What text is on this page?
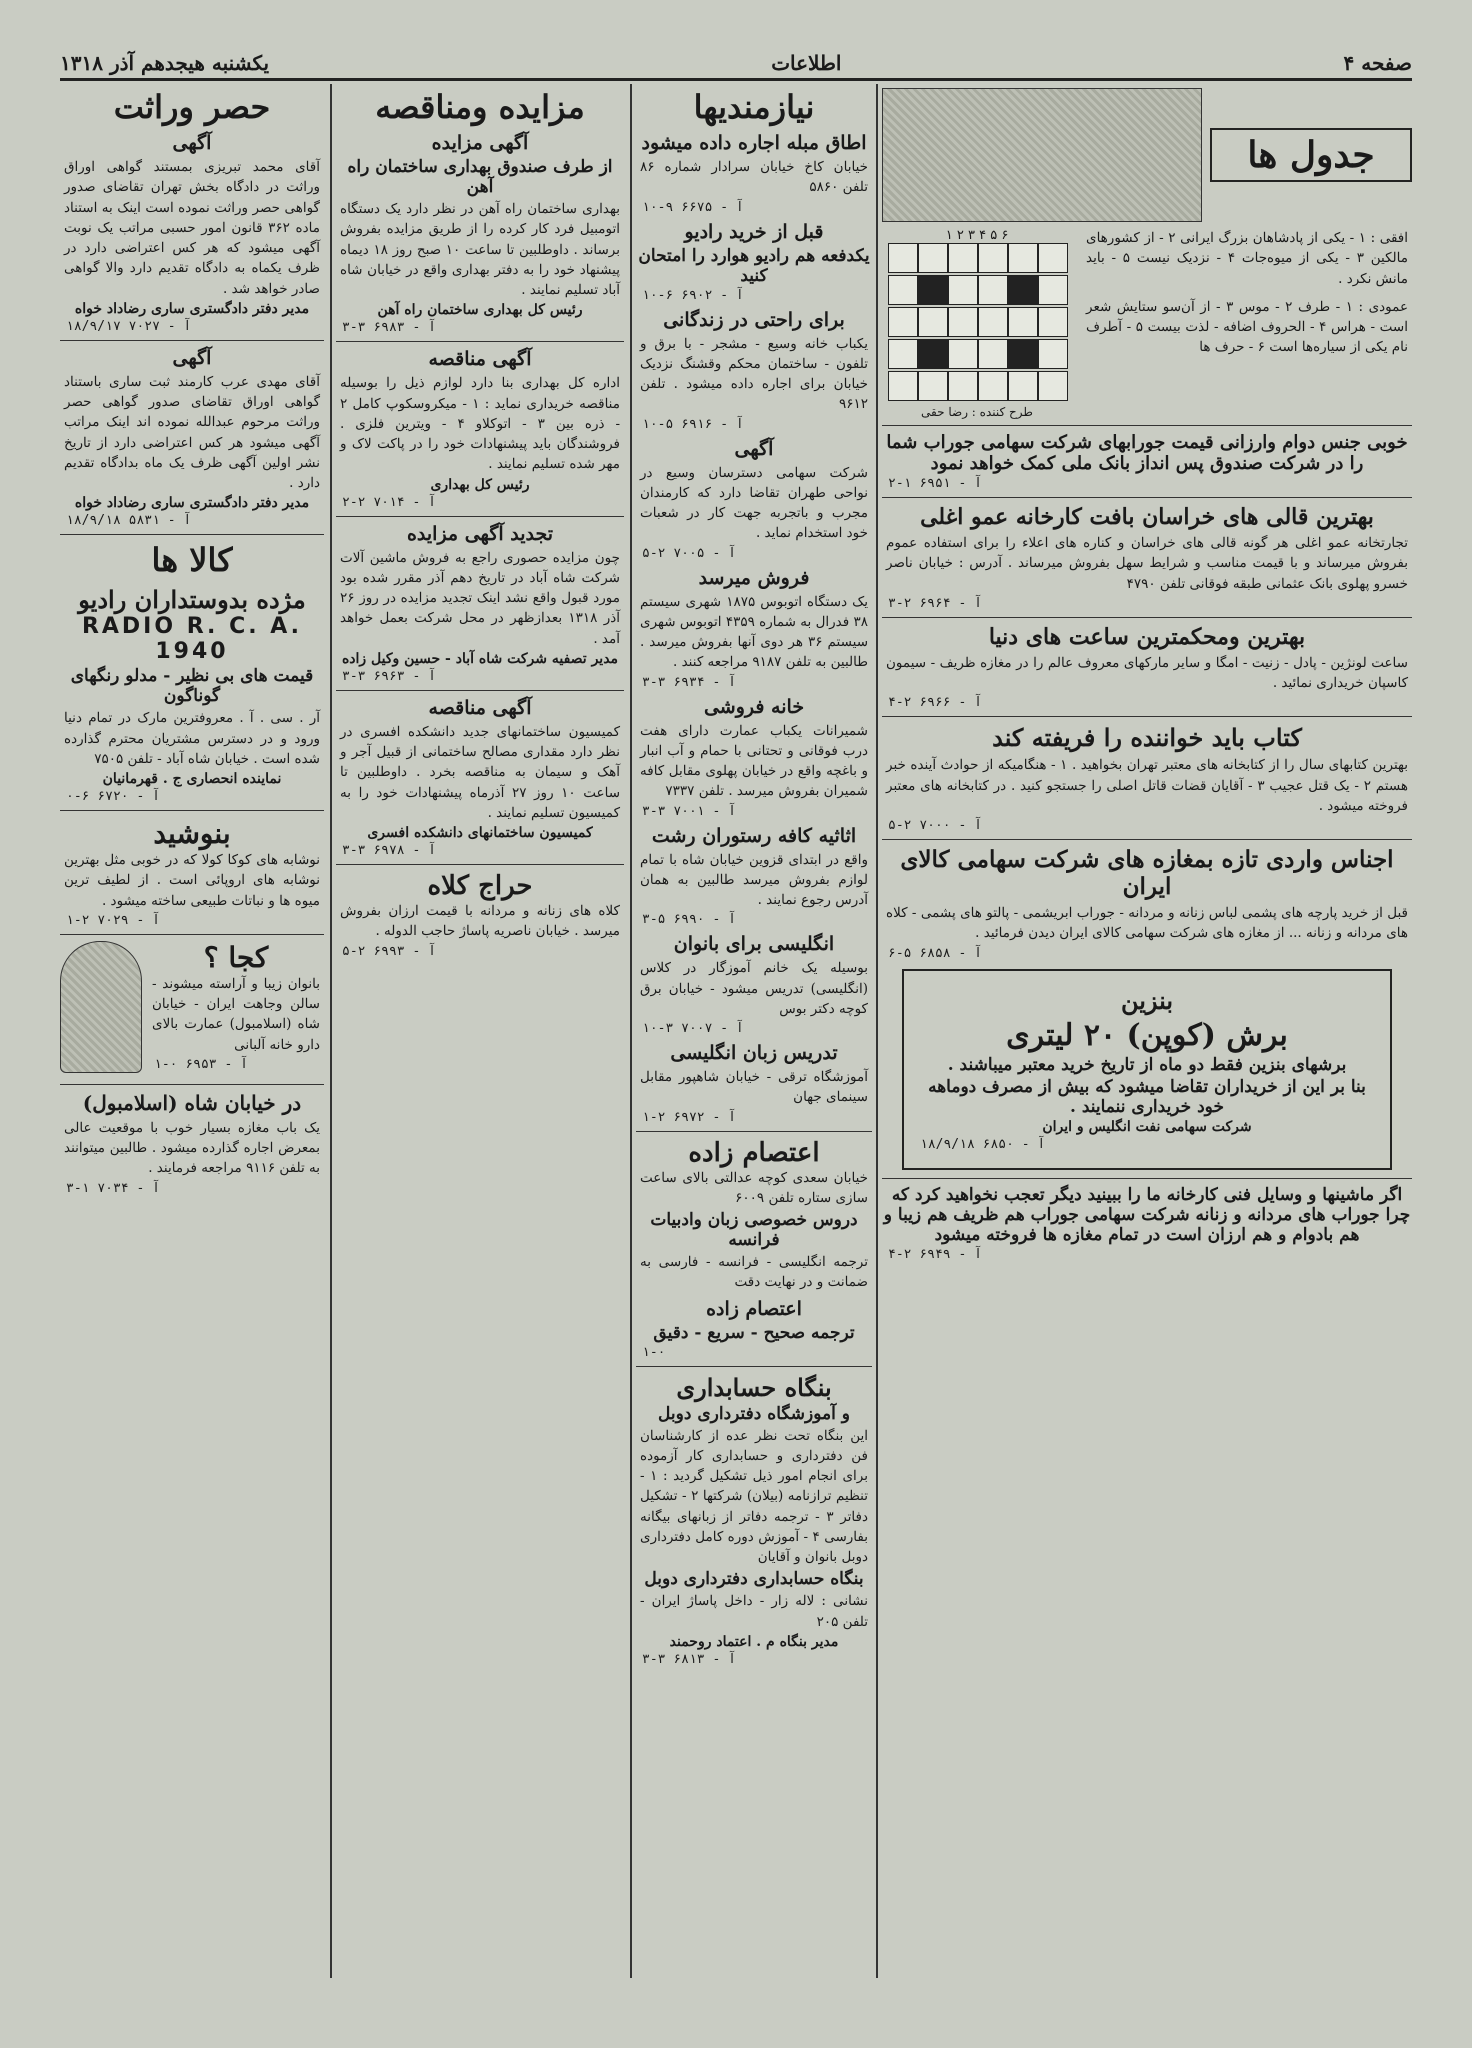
صفحه ۴
اطلاعات
یکشنبه هیجدهم آذر ۱۳۱۸
جدول ها
افقی : ۱ - یکی از پادشاهان بزرگ ایرانی ۲ - از کشورهای مالکین ۳ - یکی از میوه‌جات ۴ - نزدیک نیست ۵ - باید مانش نکرد .
عمودی : ۱ - طرف ۲ - موس ۳ - از آن‌سو ستایش شعر است - هراس ۴ - الحروف اضافه - لذت بیست ۵ - آطرف نام یکی از سیاره‌ها است ۶ - حرف ها
۶ ۵ ۴ ۳ ۲ ۱
طرح کننده : رضا حقی
خوبی جنس دوام وارزانی قیمت جورابهای شرکت سهامی جوراب شما را در شرکت صندوق پس انداز بانک ملی کمک خواهد نمود
آ - ۶۹۵۱ ۱-۲
بهترین قالی های خراسان بافت کارخانه عمو اغلی
تجارتخانه عمو اغلی هر گونه قالی های خراسان و کناره های اعلاء را برای استفاده عموم بفروش میرساند و با قیمت مناسب و شرایط سهل بفروش میرساند . آدرس : خیابان ناصر خسرو پهلوی بانک عثمانی طبقه فوقانی تلفن ۴۷۹۰
آ - ۶۹۶۴ ۲-۳
بهترین ومحکمترین ساعت های دنیا
ساعت لونژین - پادل - زنیت - امگا و سایر مارکهای معروف عالم را در مغازه ظریف - سیمون کاسپان خریداری نمائید .
آ - ۶۹۶۶ ۲-۴
کتاب باید خواننده را فریفته کند
بهترین کتابهای سال را از کتابخانه های معتبر تهران بخواهید . ۱ - هنگامیکه از حوادث آینده خبر هستم ۲ - یک قتل عجیب ۳ - آقایان قضات قاتل اصلی را جستجو کنید . در کتابخانه های معتبر فروخته میشود .
آ - ۷۰۰۰ ۲-۵
اجناس واردی تازه بمغازه های شرکت سهامی کالای ایران
قبل از خرید پارچه های پشمی لباس زنانه و مردانه - جوراب ابریشمی - پالتو های پشمی - کلاه های مردانه و زنانه ... از مغازه های شرکت سهامی کالای ایران دیدن فرمائید .
آ - ۶۸۵۸ ۵-۶
بنزین
برش (کوپن) ۲۰ لیتری
برشهای بنزین فقط دو ماه از تاریخ خرید معتبر میباشند .
بنا بر این از خریداران تقاضا میشود که بیش از مصرف دوماهه خود خریداری ننمایند .
شرکت سهامی نفت انگلیس و ایران
آ - ۶۸۵۰ ۱۸/۹/۱۸
اگر ماشینها و وسایل فنی کارخانه ما را ببینید دیگر تعجب نخواهید کرد که چرا جوراب های مردانه و زنانه شرکت سهامی جوراب هم ظریف هم زیبا و هم بادوام و هم ارزان است در تمام مغازه ها فروخته میشود
آ - ۶۹۴۹ ۲-۴
نیازمندیها
اطاق مبله اجاره داده میشود
خیابان کاخ خیابان سرادار شماره ۸۶ تلفن ۵۸۶۰
آ - ۶۶۷۵ ۹-۱۰
قبل از خرید رادیو
یکدفعه هم رادیو هوارد را امتحان کنید
آ - ۶۹۰۲ ۶-۱۰
برای راحتی در زندگانی
یکباب خانه وسیع - مشجر - با برق و تلفون - ساختمان محکم وقشنگ نزدیک خیابان برای اجاره داده میشود . تلفن ۹۶۱۲
آ - ۶۹۱۶ ۵-۱۰
آگهی
شرکت سهامی دسترسان وسیع در نواحی طهران تقاضا دارد که کارمندان مجرب و باتجربه جهت کار در شعبات خود استخدام نماید .
آ - ۷۰۰۵ ۲-۵
فروش میرسد
یک دستگاه اتوبوس ۱۸۷۵ شهری سیستم ۳۸ فدرال به شماره ۴۳۵۹ اتوبوس شهری سیستم ۳۶ هر دوی آنها بفروش میرسد . طالبین به تلفن ۹۱۸۷ مراجعه کنند .
آ - ۶۹۳۴ ۳-۳
خانه فروشی
شمیرانات یکباب عمارت دارای هفت درب فوقانی و تحتانی با حمام و آب انبار و باغچه واقع در خیابان پهلوی مقابل کافه شمیران بفروش میرسد . تلفن ۷۳۳۷
آ - ۷۰۰۱ ۳-۳
اثاثیه کافه رستوران رشت
واقع در ابتدای قزوین خیابان شاه با تمام لوازم بفروش میرسد طالبین به همان آدرس رجوع نمایند .
آ - ۶۹۹۰ ۵-۳
انگلیسی برای بانوان
بوسیله یک خانم آموزگار در کلاس (انگلیسی) تدریس میشود - خیابان برق کوچه دکتر بوس
آ - ۷۰۰۷ ۳-۱۰
تدریس زبان انگلیسی
آموزشگاه ترقی - خیابان شاهپور مقابل سینمای جهان
آ - ۶۹۷۲ ۲-۱
اعتصام زاده
خیابان سعدی کوچه عدالتی بالای ساعت سازی ستاره تلفن ۶۰۰۹
دروس خصوصی زبان وادبیات فرانسه
ترجمه انگلیسی - فرانسه - فارسی به ضمانت و در نهایت دقت
اعتصام زاده
ترجمه صحیح - سریع - دقیق
۱-۰
بنگاه حسابداری
و آموزشگاه دفترداری دوبل
این بنگاه تحت نظر عده از کارشناسان فن دفترداری و حسابداری کار آزموده برای انجام امور ذیل تشکیل گردید : ۱ - تنظیم ترازنامه (بیلان) شرکتها ۲ - تشکیل دفاتر ۳ - ترجمه دفاتر از زبانهای بیگانه بفارسی ۴ - آموزش دوره کامل دفترداری دوبل بانوان و آقایان
بنگاه حسابداری دفترداری دوبل
نشانی : لاله زار - داخل پاساژ ایران - تلفن ۲۰۵
مدیر بنگاه م . اعتماد روحمند
آ - ۶۸۱۳ ۳-۳
مزایده ومناقصه
آگهی مزایده
از طرف صندوق بهداری ساختمان راه آهن
بهداری ساختمان راه آهن در نظر دارد یک دستگاه اتومبیل فرد کار کرده را از طریق مزایده بفروش برساند . داوطلبین تا ساعت ۱۰ صبح روز ۱۸ دیماه پیشنهاد خود را به دفتر بهداری واقع در خیابان شاه آباد تسلیم نمایند .
رئیس کل بهداری ساختمان راه آهن
آ - ۶۹۸۳ ۳-۳
آگهی مناقصه
اداره کل بهداری بنا دارد لوازم ذیل را بوسیله مناقصه خریداری نماید : ۱ - میکروسکوپ کامل ۲ - ذره بین ۳ - اتوکلاو ۴ - ویترین فلزی . فروشندگان باید پیشنهادات خود را در پاکت لاک و مهر شده تسلیم نمایند .
رئیس کل بهداری
آ - ۷۰۱۴ ۲-۲
تجدید آگهی مزایده
چون مزایده حصوری راجع به فروش ماشین آلات شرکت شاه آباد در تاریخ دهم آذر مقرر شده بود مورد قبول واقع نشد اینک تجدید مزایده در روز ۲۶ آذر ۱۳۱۸ بعدازظهر در محل شرکت بعمل خواهد آمد .
مدیر تصفیه شرکت شاه آباد - حسین وکیل زاده
آ - ۶۹۶۳ ۳-۳
آگهی مناقصه
کمیسیون ساختمانهای جدید دانشکده افسری در نظر دارد مقداری مصالح ساختمانی از قبیل آجر و آهک و سیمان به مناقصه بخرد . داوطلبین تا ساعت ۱۰ روز ۲۷ آذرماه پیشنهادات خود را به کمیسیون تسلیم نمایند .
کمیسیون ساختمانهای دانشکده افسری
آ - ۶۹۷۸ ۳-۳
حراج کلاه
کلاه های زنانه و مردانه با قیمت ارزان بفروش میرسد . خیابان ناصریه پاساژ حاجب الدوله .
آ - ۶۹۹۳ ۲-۵
حصر وراثت
آگهی
آقای محمد تبریزی بمستند گواهی اوراق وراثت در دادگاه بخش تهران تقاضای صدور گواهی حصر وراثت نموده است اینک به استناد ماده ۳۶۲ قانون امور حسبی مراتب یک نوبت آگهی میشود که هر کس اعتراضی دارد در ظرف یکماه به دادگاه تقدیم دارد والا گواهی صادر خواهد شد .
مدیر دفتر دادگستری ساری رضاداد خواه
آ - ۷۰۲۷ ۱۸/۹/۱۷
آگهی
آقای مهدی عرب کارمند ثبت ساری باستناد گواهی اوراق تقاضای صدور گواهی حصر وراثت مرحوم عبدالله نموده اند اینک مراتب آگهی میشود هر کس اعتراضی دارد از تاریخ نشر اولین آگهی ظرف یک ماه بدادگاه تقدیم دارد .
مدیر دفتر دادگستری ساری رضاداد خواه
آ - ۵۸۳۱ ۱۸/۹/۱۸
کالا ها
مژده بدوستداران رادیو
RADIO R. C. A.
1940
قیمت های بی نظیر - مدلو رنگهای گوناگون
آر . سی . آ . معروفترین مارک در تمام دنیا ورود و در دسترس مشتریان محترم گذارده شده است . خیابان شاه آباد - تلفن ۷۵۰۵
نماینده انحصاری ج . قهرمانیان
آ - ۶۷۲۰ ۶-۰
بنوشید
نوشابه های کوکا کولا که در خوبی مثل بهترین نوشابه های اروپائی است . از لطیف ترین میوه ها و نباتات طبیعی ساخته میشود .
آ - ۷۰۲۹ ۲-۱
کجا ؟
بانوان زیبا و آراسته میشوند - سالن وجاهت ایران - خیابان شاه (اسلامبول) عمارت بالای دارو خانه آلبانی
آ - ۶۹۵۳ ۰-۱
در خیابان شاه (اسلامبول)
یک باب مغازه بسیار خوب با موقعیت عالی بمعرض اجاره گذارده میشود . طالبین میتوانند به تلفن ۹۱۱۶ مراجعه فرمایند .
آ - ۷۰۳۴ ۱-۳
